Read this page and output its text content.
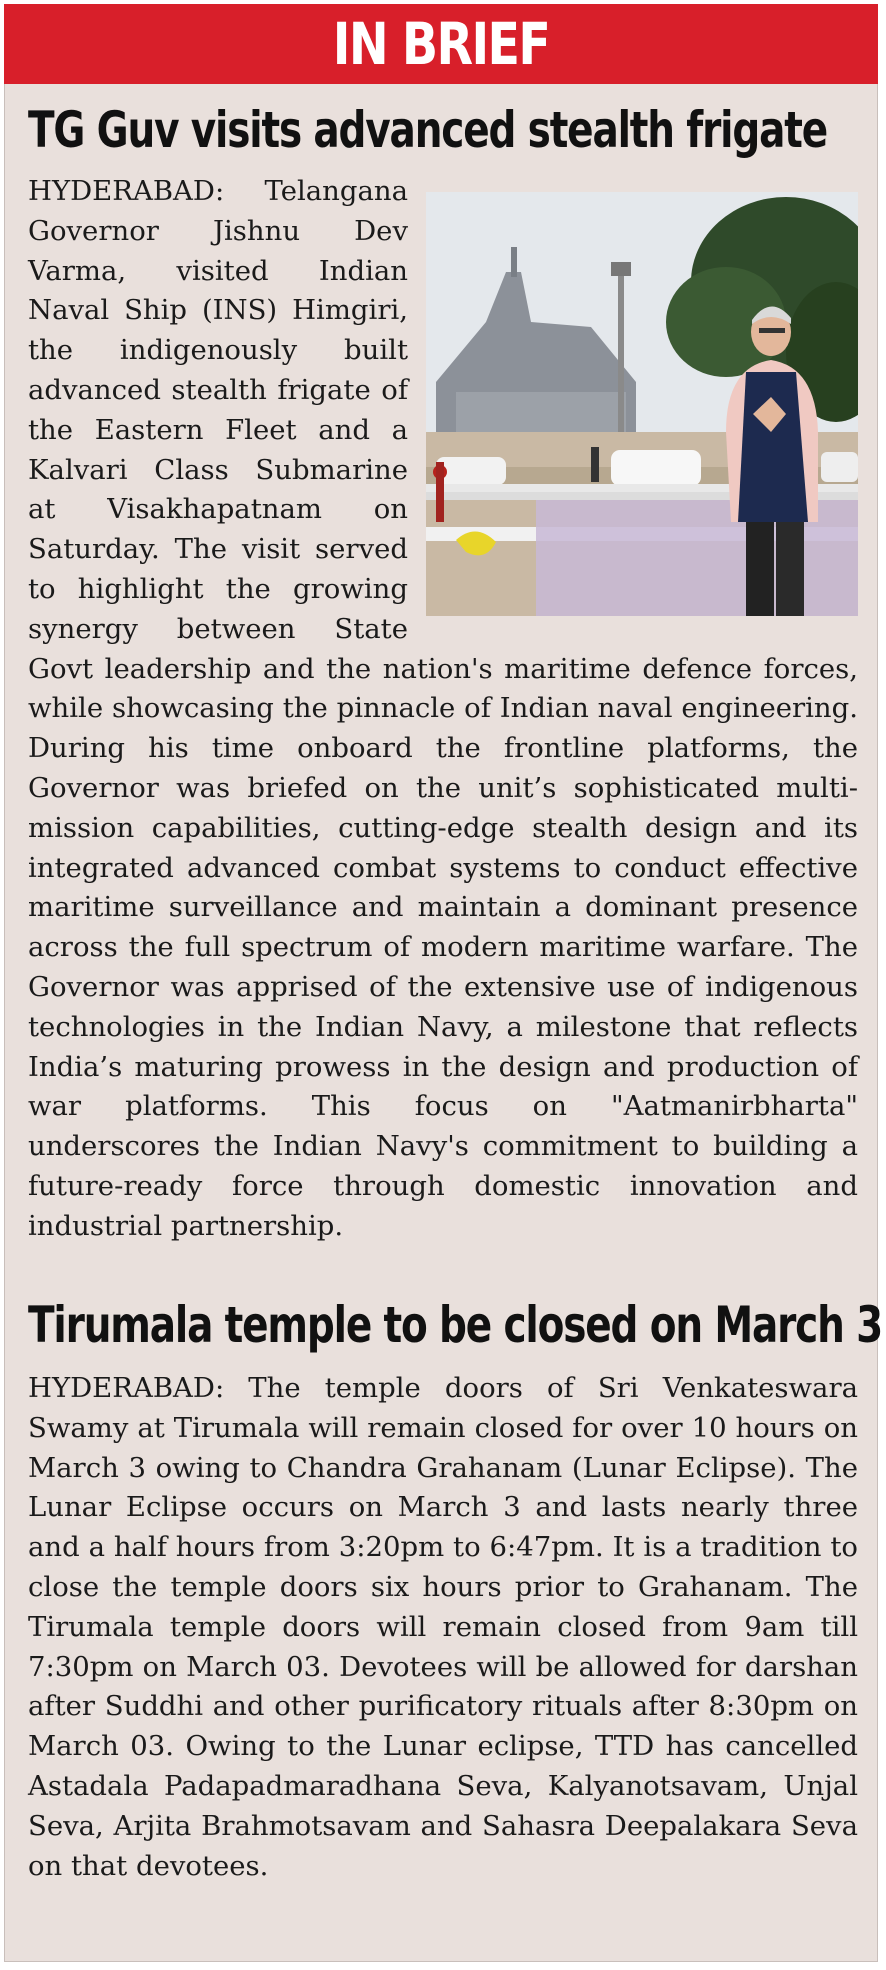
IN BRIEF
TG Guv visits advanced stealth frigate
HYDERABAD: Telangana Governor Jishnu Dev Varma, visited Indian Naval Ship (INS) Himgiri, the indigenously built advanced stealth frigate of the Eastern Fleet and a Kalvari Class Submarine at Visakhapatnam on Saturday. The visit served to highlight the growing synergy between State Govt leadership and the nation's maritime defence forces, while showcasing the pinnacle of Indian naval engineering. During his time onboard the frontline platforms, the Governor was briefed on the unit’s sophisticated multi-mission capabilities, cutting-edge stealth design and its integrated advanced combat systems to conduct effective maritime surveillance and maintain a dominant presence across the full spectrum of modern maritime warfare. The Governor was apprised of the extensive use of indigenous technologies in the Indian Navy, a milestone that reflects India’s maturing prowess in the design and production of war platforms. This focus on "Aatmanirbharta" underscores the Indian Navy's commitment to building a future-ready force through domestic innovation and industrial partnership.
Tirumala temple to be closed on March 3
HYDERABAD: The temple doors of Sri Venkateswara Swamy at Tirumala will remain closed for over 10 hours on March 3 owing to Chandra Grahanam (Lunar Eclipse). The Lunar Eclipse occurs on March 3 and lasts nearly three and a half hours from 3:20pm to 6:47pm. It is a tradition to close the temple doors six hours prior to Grahanam. The Tirumala temple doors will remain closed from 9am till 7:30pm on March 03. Devotees will be allowed for darshan after Suddhi and other purificatory rituals after 8:30pm on March 03. Owing to the Lunar eclipse, TTD has cancelled Astadala Padapadmaradhana Seva, Kalyanotsavam, Unjal Seva, Arjita Brahmotsavam and Sahasra Deepalakara Seva on that devotees.
